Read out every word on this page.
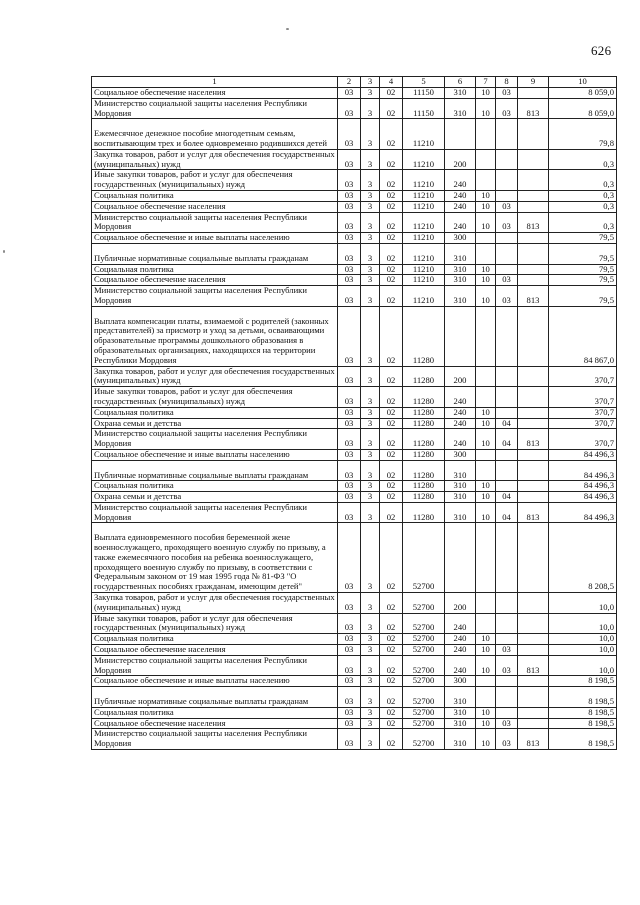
626
1	2	3	4	5	6	7	8	9	10
Социальное обеспечение населения	03	3	02	11150	310	10	03		8 059,0
Министерство социальной защиты населения Республики Мордовия	03	3	02	11150	310	10	03	813	8 059,0
Ежемесячное денежное пособие многодетным семьям, воспитывающим трех и более одновременно родившихся детей	03	3	02	11210					79,8
Закупка товаров, работ и услуг для обеспечения государственных (муниципальных) нужд	03	3	02	11210	200				0,3
Иные закупки товаров, работ и услуг для обеспечения государственных (муниципальных) нужд	03	3	02	11210	240				0,3
Социальная политика	03	3	02	11210	240	10			0,3
Социальное обеспечение населения	03	3	02	11210	240	10	03		0,3
Министерство социальной защиты населения Республики Мордовия	03	3	02	11210	240	10	03	813	0,3
Социальное обеспечение и иные выплаты населению	03	3	02	11210	300				79,5
Публичные нормативные социальные выплаты гражданам	03	3	02	11210	310				79,5
Социальная политика	03	3	02	11210	310	10			79,5
Социальное обеспечение населения	03	3	02	11210	310	10	03		79,5
Министерство социальной защиты населения Республики Мордовия	03	3	02	11210	310	10	03	813	79,5
Выплата компенсации платы, взимаемой с родителей (законных представителей) за присмотр и уход за детьми, осваивающими образовательные программы дошкольного образования в образовательных организациях, находящихся на территории Республики Мордовия	03	3	02	11280					84 867,0
Закупка товаров, работ и услуг для обеспечения государственных (муниципальных) нужд	03	3	02	11280	200				370,7
Иные закупки товаров, работ и услуг для обеспечения государственных (муниципальных) нужд	03	3	02	11280	240				370,7
Социальная политика	03	3	02	11280	240	10			370,7
Охрана семьи и детства	03	3	02	11280	240	10	04		370,7
Министерство социальной защиты населения Республики Мордовия	03	3	02	11280	240	10	04	813	370,7
Социальное обеспечение и иные выплаты населению	03	3	02	11280	300				84 496,3
Публичные нормативные социальные выплаты гражданам	03	3	02	11280	310				84 496,3
Социальная политика	03	3	02	11280	310	10			84 496,3
Охрана семьи и детства	03	3	02	11280	310	10	04		84 496,3
Министерство социальной защиты населения Республики Мордовия	03	3	02	11280	310	10	04	813	84 496,3
Выплата единовременного пособия беременной жене военнослужащего, проходящего военную службу по призыву, а также ежемесячного пособия на ребенка военнослужащего, проходящего военную службу по призыву, в соответствии с Федеральным законом от 19 мая 1995 года № 81-ФЗ "О государственных пособиях гражданам, имеющим детей"	03	3	02	52700					8 208,5
Закупка товаров, работ и услуг для обеспечения государственных (муниципальных) нужд	03	3	02	52700	200				10,0
Иные закупки товаров, работ и услуг для обеспечения государственных (муниципальных) нужд	03	3	02	52700	240				10,0
Социальная политика	03	3	02	52700	240	10			10,0
Социальное обеспечение населения	03	3	02	52700	240	10	03		10,0
Министерство социальной защиты населения Республики Мордовия	03	3	02	52700	240	10	03	813	10,0
Социальное обеспечение и иные выплаты населению	03	3	02	52700	300				8 198,5
Публичные нормативные социальные выплаты гражданам	03	3	02	52700	310				8 198,5
Социальная политика	03	3	02	52700	310	10			8 198,5
Социальное обеспечение населения	03	3	02	52700	310	10	03		8 198,5
Министерство социальной защиты населения Республики Мордовия	03	3	02	52700	310	10	03	813	8 198,5
